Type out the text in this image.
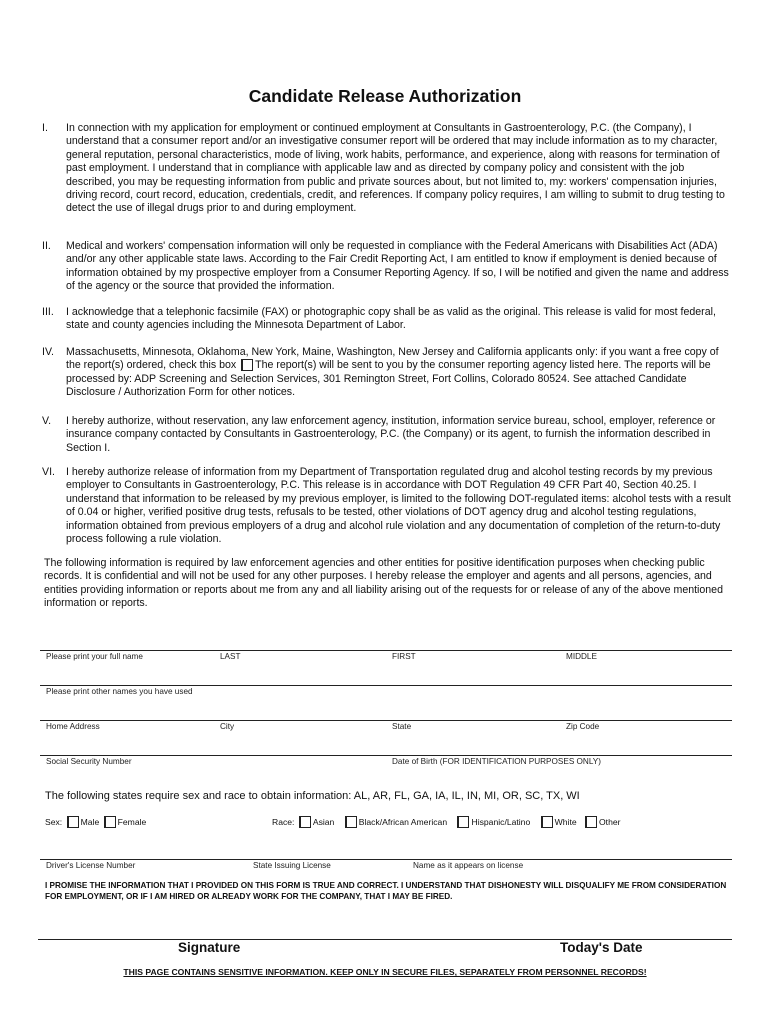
Candidate Release Authorization
I. In connection with my application for employment or continued employment at Consultants in Gastroenterology, P.C. (the Company), I understand that a consumer report and/or an investigative consumer report will be ordered that may include information as to my character, general reputation, personal characteristics, mode of living, work habits, performance, and experience, along with reasons for termination of past employment. I understand that in compliance with applicable law and as directed by company policy and consistent with the job described, you may be requesting information from public and private sources about, but not limited to, my: workers' compensation injuries, driving record, court record, education, credentials, credit, and references. If company policy requires, I am willing to submit to drug testing to detect the use of illegal drugs prior to and during employment.
II. Medical and workers' compensation information will only be requested in compliance with the Federal Americans with Disabilities Act (ADA) and/or any other applicable state laws. According to the Fair Credit Reporting Act, I am entitled to know if employment is denied because of information obtained by my prospective employer from a Consumer Reporting Agency. If so, I will be notified and given the name and address of the agency or the source that provided the information.
III. I acknowledge that a telephonic facsimile (FAX) or photographic copy shall be as valid as the original. This release is valid for most federal, state and county agencies including the Minnesota Department of Labor.
IV. Massachusetts, Minnesota, Oklahoma, New York, Maine, Washington, New Jersey and California applicants only: if you want a free copy of the report(s) ordered, check this box The report(s) will be sent to you by the consumer reporting agency listed here. The reports will be processed by: ADP Screening and Selection Services, 301 Remington Street, Fort Collins, Colorado 80524. See attached Candidate Disclosure / Authorization Form for other notices.
V. I hereby authorize, without reservation, any law enforcement agency, institution, information service bureau, school, employer, reference or insurance company contacted by Consultants in Gastroenterology, P.C. (the Company) or its agent, to furnish the information described in Section I.
VI. I hereby authorize release of information from my Department of Transportation regulated drug and alcohol testing records by my previous employer to Consultants in Gastroenterology, P.C. This release is in accordance with DOT Regulation 49 CFR Part 40, Section 40.25. I understand that information to be released by my previous employer, is limited to the following DOT-regulated items: alcohol tests with a result of 0.04 or higher, verified positive drug tests, refusals to be tested, other violations of DOT agency drug and alcohol testing regulations, information obtained from previous employers of a drug and alcohol rule violation and any documentation of completion of the return-to-duty process following a rule violation.
The following information is required by law enforcement agencies and other entities for positive identification purposes when checking public records. It is confidential and will not be used for any other purposes. I hereby release the employer and agents and all persons, agencies, and entities providing information or reports about me from any and all liability arising out of the requests for or release of any of the above mentioned information or reports.
Please print your full name	LAST	FIRST	MIDDLE
Please print other names you have used
Home Address	City	State	Zip Code
Social Security Number	Date of Birth (FOR IDENTIFICATION PURPOSES ONLY)
The following states require sex and race to obtain information: AL, AR, FL, GA, IA, IL, IN, MI, OR, SC, TX, WI
Sex: Male Female	Race: Asian	Black/African American	Hispanic/Latino	White	Other
Driver's License Number	State Issuing License	Name as it appears on license
I PROMISE THE INFORMATION THAT I PROVIDED ON THIS FORM IS TRUE AND CORRECT. I UNDERSTAND THAT DISHONESTY WILL DISQUALIFY ME FROM CONSIDERATION FOR EMPLOYMENT, OR IF I AM HIRED OR ALREADY WORK FOR THE COMPANY, THAT I MAY BE FIRED.
Signature	Today's Date
THIS PAGE CONTAINS SENSITIVE INFORMATION. KEEP ONLY IN SECURE FILES, SEPARATELY FROM PERSONNEL RECORDS!
